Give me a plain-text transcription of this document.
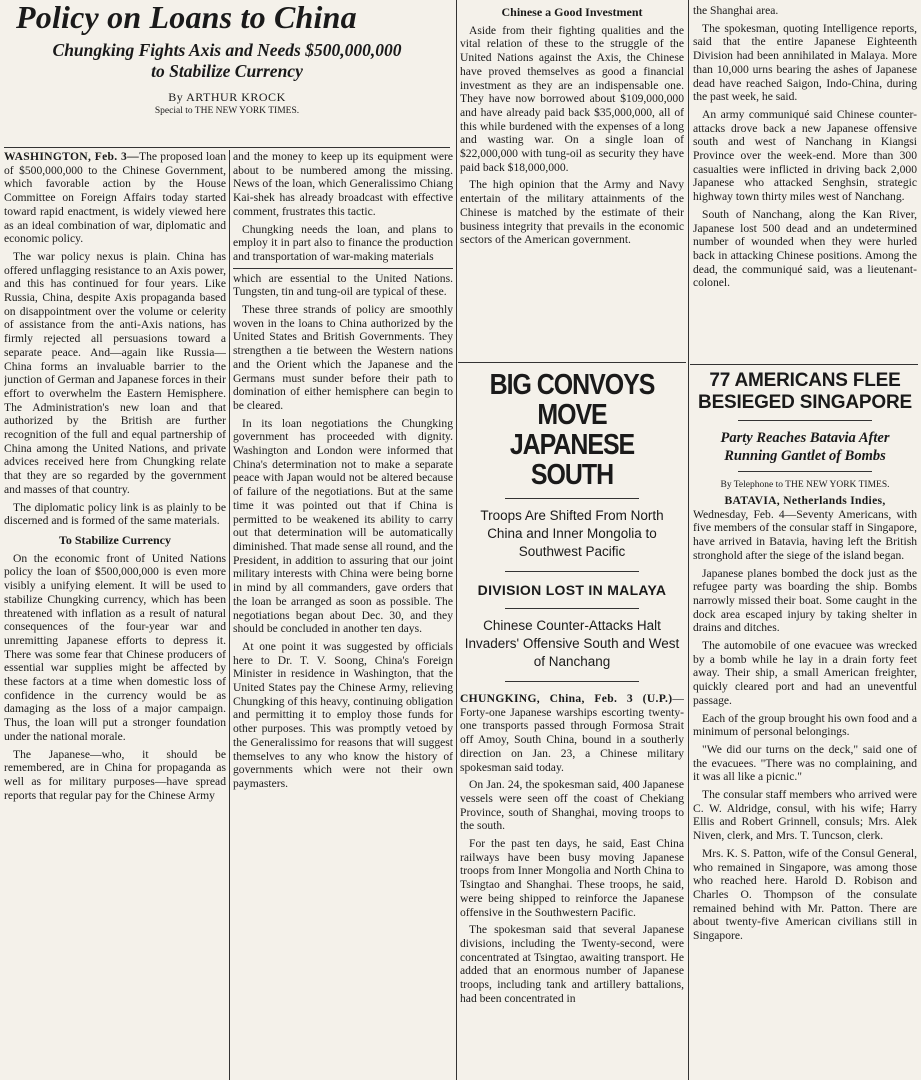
Policy on Loans to China
Chungking Fights Axis and Needs $500,000,000 to Stabilize Currency
By ARTHUR KROCK
Special to THE NEW YORK TIMES.

WASHINGTON, Feb. 3—The proposed loan of $500,000,000 to the Chinese Government, which favorable action by the House Committee on Foreign Affairs today started toward rapid enactment, is widely viewed here as an ideal combination of war, diplomatic and economic policy.

The war policy nexus is plain. China has offered unflagging resistance to an Axis power, and this has continued for four years. Like Russia, China, despite Axis propaganda based on disappointment over the volume or celerity of assistance from the anti-Axis nations, has firmly rejected all persuasions toward a separate peace. And—again like Russia—China forms an invaluable barrier to the junction of German and Japanese forces in their effort to overwhelm the Eastern Hemisphere. The Administration's new loan and that authorized by the British are further recognition of the full and equal partnership of China among the United Nations, and private advices received here from Chungking relate that they are so regarded by the government and masses of that country.

The diplomatic policy link is as plainly to be discerned and is formed of the same materials.

To Stabilize Currency

On the economic front of United Nations policy the loan of $500,000,000 is even more visibly a unifying element. It will be used to stabilize Chungking currency, which has been threatened with inflation as a result of natural consequences of the four-year war and unremitting Japanese efforts to depress it. There was some fear that Chinese producers of essential war supplies might be affected by these factors at a time when domestic loss of confidence in the currency would be as damaging as the loss of a major campaign. Thus, the loan will put a stronger foundation under the national morale.

The Japanese—who, it should be remembered, are in China for propaganda as well as for military purposes—have spread reports that regular pay for the Chinese Army

and the money to keep up its equipment were about to be numbered among the missing. News of the loan, which Generalissimo Chiang Kai-shek has already broadcast with effective comment, frustrates this tactic.

Chungking needs the loan, and plans to employ it in part also to finance the production and transportation of war-making materials

which are essential to the United Nations. Tungsten, tin and tung-oil are typical of these.

These three strands of policy are smoothly woven in the loans to China authorized by the United States and British Governments. They strengthen a tie between the Western nations and the Orient which the Japanese and the Germans must sunder before their path to domination of either hemisphere can begin to be cleared.

In its loan negotiations the Chungking government has proceeded with dignity. Washington and London were informed that China's determination not to make a separate peace with Japan would not be altered because of failure of the negotiations. But at the same time it was pointed out that if China is permitted to be weakened its ability to carry out that determination will be automatically diminished. That made sense all round, and the President, in addition to assuring that our joint military interests with China were being borne in mind by all commanders, gave orders that the loan be arranged as soon as possible. The negotiations began about Dec. 30, and they should be concluded in another ten days.

At one point it was suggested by officials here to Dr. T. V. Soong, China's Foreign Minister in residence in Washington, that the United States pay the Chinese Army, relieving Chungking of this heavy, continuing obligation and permitting it to employ those funds for other purposes. This was promptly vetoed by the Generalissimo for reasons that will suggest themselves to any who know the history of governments which were not their own paymasters.

Chinese a Good Investment

Aside from their fighting qualities and the vital relation of these to the struggle of the United Nations against the Axis, the Chinese have proved themselves as good a financial investment as they are an indispensable one. They have now borrowed about $109,000,000 and have already paid back $35,000,000, all of this while burdened with the expenses of a long and wasting war. On a single loan of $22,000,000 with tung-oil as security they have paid back $18,000,000.

The high opinion that the Army and Navy entertain of the military attainments of the Chinese is matched by the estimate of their business integrity that prevails in the economic sectors of the American government.

BIG CONVOYS MOVE JAPANESE SOUTH
Troops Are Shifted From North China and Inner Mongolia to Southwest Pacific
DIVISION LOST IN MALAYA
Chinese Counter-Attacks Halt Invaders' Offensive South and West of Nanchang

CHUNGKING, China, Feb. 3 (U.P.)—Forty-one Japanese warships escorting twenty-one transports passed through Formosa Strait off Amoy, South China, bound in a southerly direction on Jan. 23, a Chinese military spokesman said today.

On Jan. 24, the spokesman said, 400 Japanese vessels were seen off the coast of Chekiang Province, south of Shanghai, moving troops to the south.

For the past ten days, he said, East China railways have been busy moving Japanese troops from Inner Mongolia and North China to Tsingtao and Shanghai. These troops, he said, were being shipped to reinforce the Japanese offensive in the Southwestern Pacific.

The spokesman said that several Japanese divisions, including the Twenty-second, were concentrated at Tsingtao, awaiting transport. He added that an enormous number of Japanese troops, including tank and artillery battalions, had been concentrated in

the Shanghai area.

The spokesman, quoting Intelligence reports, said that the entire Japanese Eighteenth Division had been annihilated in Malaya. More than 10,000 urns bearing the ashes of Japanese dead have reached Saigon, Indo-China, during the past week, he said.

An army communiqué said Chinese counter-attacks drove back a new Japanese offensive south and west of Nanchang in Kiangsi Province over the week-end. More than 300 casualties were inflicted in driving back 2,000 Japanese who attacked Senghsin, strategic highway town thirty miles west of Nanchang.

South of Nanchang, along the Kan River, Japanese lost 500 dead and an undetermined number of wounded when they were hurled back in attacking Chinese positions. Among the dead, the communiqué said, was a lieutenant-colonel.

77 AMERICANS FLEE BESIEGED SINGAPORE
Party Reaches Batavia After Running Gantlet of Bombs
By Telephone to THE NEW YORK TIMES.

BATAVIA, Netherlands Indies,

Wednesday, Feb. 4—Seventy Americans, with five members of the consular staff in Singapore, have arrived in Batavia, having left the British stronghold after the siege of the island began.

Japanese planes bombed the dock just as the refugee party was boarding the ship. Bombs narrowly missed their boat. Some caught in the dock area escaped injury by taking shelter in drains and ditches.

The automobile of one evacuee was wrecked by a bomb while he lay in a drain forty feet away. Their ship, a small American freighter, quickly cleared port and had an uneventful passage.

Each of the group brought his own food and a minimum of personal belongings.

"We did our turns on the deck," said one of the evacuees. "There was no complaining, and it was all like a picnic."

The consular staff members who arrived were C. W. Aldridge, consul, with his wife; Harry Ellis and Robert Grinnell, consuls; Mrs. Alek Niven, clerk, and Mrs. T. Tuncson, clerk.

Mrs. K. S. Patton, wife of the Consul General, who remained in Singapore, was among those who reached here. Harold D. Robison and Charles O. Thompson of the consulate remained behind with Mr. Patton. There are about twenty-five American civilians still in Singapore.
